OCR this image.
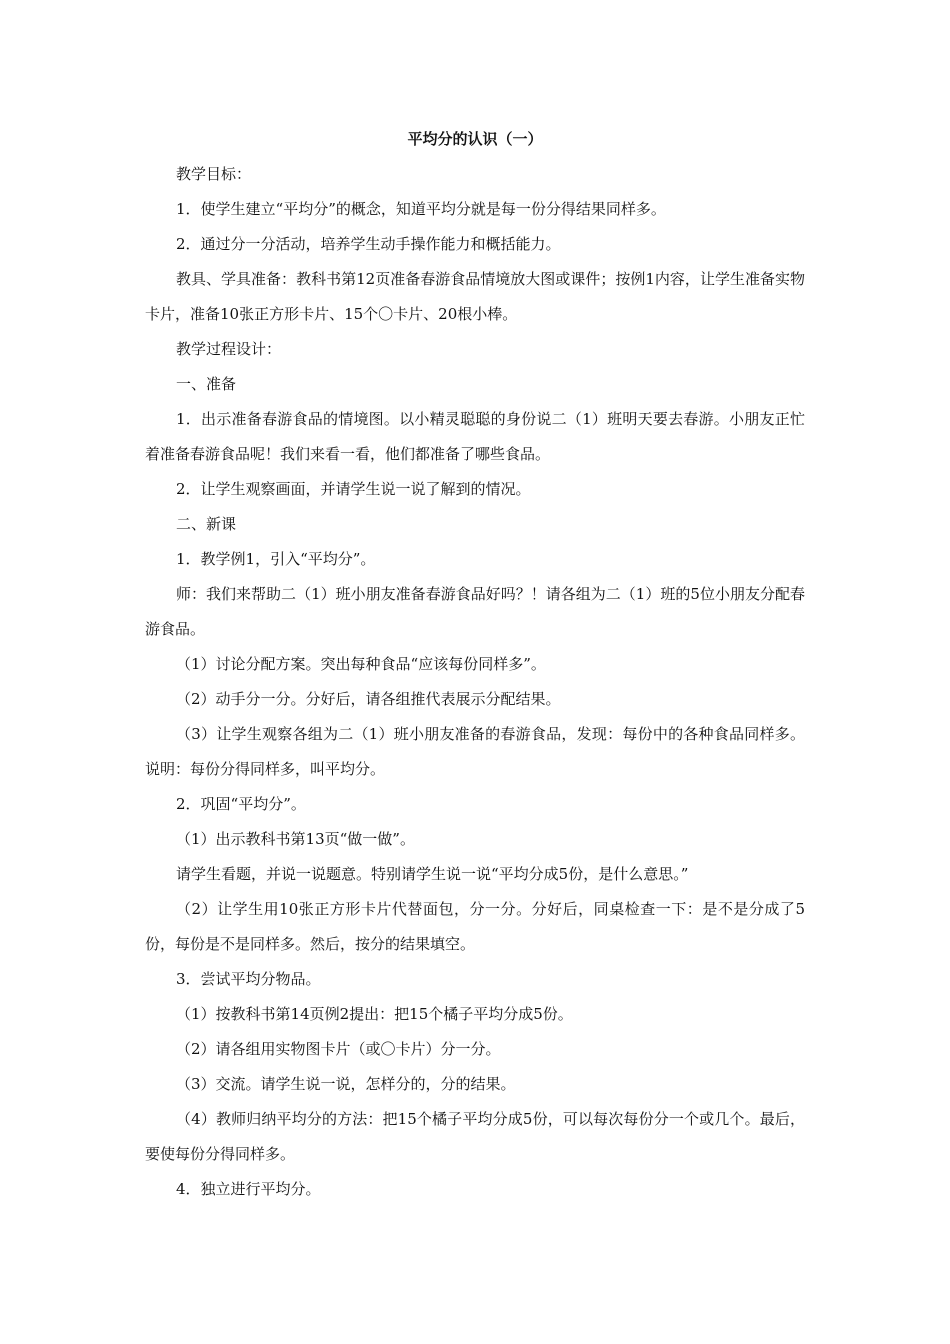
平均分的认识（一）

教学目标：

1．使学生建立“平均分”的概念，知道平均分就是每一份分得结果同样多。

2．通过分一分活动，培养学生动手操作能力和概括能力。

教具、学具准备：教科书第12页准备春游食品情境放大图或课件；按例1内容，让学生准备实物卡片，准备10张正方形卡片、15个〇卡片、20根小棒。

教学过程设计：

一、准备

1．出示准备春游食品的情境图。以小精灵聪聪的身份说二（1）班明天要去春游。小朋友正忙着准备春游食品呢！我们来看一看，他们都准备了哪些食品。

2．让学生观察画面，并请学生说一说了解到的情况。

二、新课

1．教学例1，引入“平均分”。

师：我们来帮助二（1）班小朋友准备春游食品好吗？！请各组为二（1）班的5位小朋友分配春游食品。

（1）讨论分配方案。突出每种食品“应该每份同样多”。

（2）动手分一分。分好后，请各组推代表展示分配结果。

（3）让学生观察各组为二（1）班小朋友准备的春游食品，发现：每份中的各种食品同样多。说明：每份分得同样多，叫平均分。

2．巩固“平均分”。

（1）出示教科书第13页“做一做”。

请学生看题，并说一说题意。特别请学生说一说“平均分成5份，是什么意思。”

（2）让学生用10张正方形卡片代替面包，分一分。分好后，同桌检查一下：是不是分成了5份，每份是不是同样多。然后，按分的结果填空。

3．尝试平均分物品。

（1）按教科书第14页例2提出：把15个橘子平均分成5份。

（2）请各组用实物图卡片（或〇卡片）分一分。

（3）交流。请学生说一说，怎样分的，分的结果。

（4）教师归纳平均分的方法：把15个橘子平均分成5份，可以每次每份分一个或几个。最后，要使每份分得同样多。

4．独立进行平均分。
